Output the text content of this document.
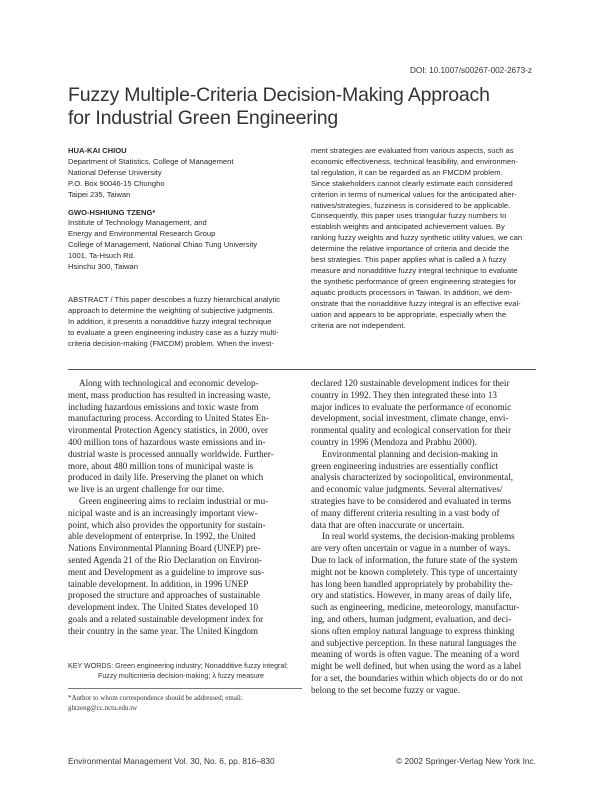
DOI: 10.1007/s00267-002-2673-z
Fuzzy Multiple-Criteria Decision-Making Approach
for Industrial Green Engineering
HUA-KAI CHIOU
Department of Statistics, College of Management
National Defense University
P.O. Box 90046-15 Chungho
Taipei 235, Taiwan
GWO-HSHIUNG TZENG*
Institute of Technology Management, and
Energy and Environmental Research Group
College of Management, National Chiao Tung University
1001, Ta-Hsuch Rd.
Hsinchu 300, Taiwan
ABSTRACT / This paper describes a fuzzy hierarchical analytic
approach to determine the weighting of subjective judgments.
In addition, it presents a nonadditive fuzzy integral technique
to evaluate a green engineering industry case as a fuzzy multi-
criteria decision-making (FMCDM) problem. When the invest-
ment strategies are evaluated from various aspects, such as
economic effectiveness, technical feasibility, and environmen-
tal regulation, it can be regarded as an FMCDM problem.
Since stakeholders cannot clearly estimate each considered
criterion in terms of numerical values for the anticipated alter-
natives/strategies, fuzziness is considered to be applicable.
Consequently, this paper uses triangular fuzzy numbers to
establish weights and anticipated achievement values. By
ranking fuzzy weights and fuzzy synthetic utility values, we can
determine the relative importance of criteria and decide the
best strategies. This paper applies what is called a λ fuzzy
measure and nonadditive fuzzy integral technique to evaluate
the synthetic performance of green engineering strategies for
aquatic products processors in Taiwan. In addition, we dem-
onstrate that the nonadditive fuzzy integral is an effective eval-
uation and appears to be appropriate, especially when the
criteria are not independent.
Along with technological and economic develop-
ment, mass production has resulted in increasing waste,
including hazardous emissions and toxic waste from
manufacturing process. According to United States En-
vironmental Protection Agency statistics, in 2000, over
400 million tons of hazardous waste emissions and in-
dustrial waste is processed annually worldwide. Further-
more, about 480 million tons of municipal waste is
produced in daily life. Preserving the planet on which
we live is an urgent challenge for our time.
Green engineering aims to reclaim industrial or mu-
nicipal waste and is an increasingly important view-
point, which also provides the opportunity for sustain-
able development of enterprise. In 1992, the United
Nations Environmental Planning Board (UNEP) pre-
sented Agenda 21 of the Rio Declaration on Environ-
ment and Development as a guideline to improve sus-
tainable development. In addition, in 1996 UNEP
proposed the structure and approaches of sustainable
development index. The United States developed 10
goals and a related sustainable development index for
their country in the same year. The United Kingdom
declared 120 sustainable development indices for their
country in 1992. They then integrated these into 13
major indices to evaluate the performance of economic
development, social investment, climate change, envi-
ronmental quality and ecological conservation for their
country in 1996 (Mendoza and Prabhu 2000).
Environmental planning and decision-making in
green engineering industries are essentially conflict
analysis characterized by sociopolitical, environmental,
and economic value judgments. Several alternatives/
strategies have to be considered and evaluated in terms
of many different criteria resulting in a vast body of
data that are often inaccurate or uncertain.
In real world systems, the decision-making problems
are very often uncertain or vague in a number of ways.
Due to lack of information, the future state of the system
might not be known completely. This type of uncertainty
has long been handled appropriately by probability the-
ory and statistics. However, in many areas of daily life,
such as engineering, medicine, meteorology, manufactur-
ing, and others, human judgment, evaluation, and deci-
sions often employ natural language to express thinking
and subjective perception. In these natural languages the
meaning of words is often vague. The meaning of a word
might be well defined, but when using the word as a label
for a set, the boundaries within which objects do or do not
belong to the set become fuzzy or vague.
KEY WORDS: Green engineering industry; Nonadditive fuzzy integral;
Fuzzy multicriteria decision-making; λ fuzzy measure
*Author to whom correspondence should be addressed; email:
ghtzeng@cc.nctu.edu.tw
Environmental Management Vol. 30, No. 6, pp. 816–830	© 2002 Springer-Verlag New York Inc.
